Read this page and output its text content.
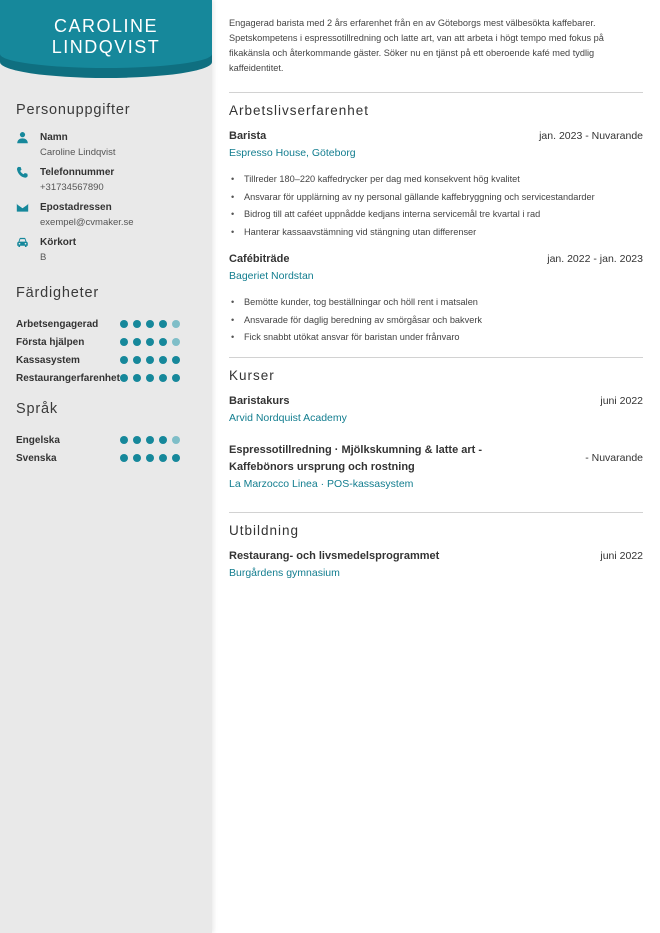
CAROLINE
LINDQVIST
Personuppgifter
Namn
Caroline Lindqvist
Telefonnummer
+31734567890
Epostadressen
exempel@cvmaker.se
Körkort
B
Färdigheter
Arbetsengagerad
Första hjälpen
Kassasystem
Restaurangerfarenhet
Språk
Engelska
Svenska
Engagerad barista med 2 års erfarenhet från en av Göteborgs mest välbesökta kaffebarer. Spetskompetens i espressotillredning och latte art, van att arbeta i högt tempo med fokus på fikakänsla och återkommande gäster. Söker nu en tjänst på ett oberoende kafé med tydlig kaffeidentitet.
Arbetslivserfarenhet
Barista	jan. 2023 - Nuvarande
Espresso House, Göteborg
• Tillreder 180–220 kaffedrycker per dag med konsekvent hög kvalitet
• Ansvarar för upplärning av ny personal gällande kaffebryggning och servicestandarder
• Bidrog till att caféet uppnådde kedjans interna servicemål tre kvartal i rad
• Hanterar kassaavstämning vid stängning utan differenser
Cafébiträde	jan. 2022 - jan. 2023
Bageriet Nordstan
• Bemötte kunder, tog beställningar och höll rent i matsalen
• Ansvarade för daglig beredning av smörgåsar och bakverk
• Fick snabbt utökat ansvar för baristan under frånvaro
Kurser
Baristakurs	juni 2022
Arvid Nordquist Academy
Espressotillredning · Mjölkskumning & latte art - Kaffebönors ursprung och rostning
- Nuvarande
La Marzocco Linea · POS-kassasystem
Utbildning
Restaurang- och livsmedelsprogrammet	juni 2022
Burgårdens gymnasium
